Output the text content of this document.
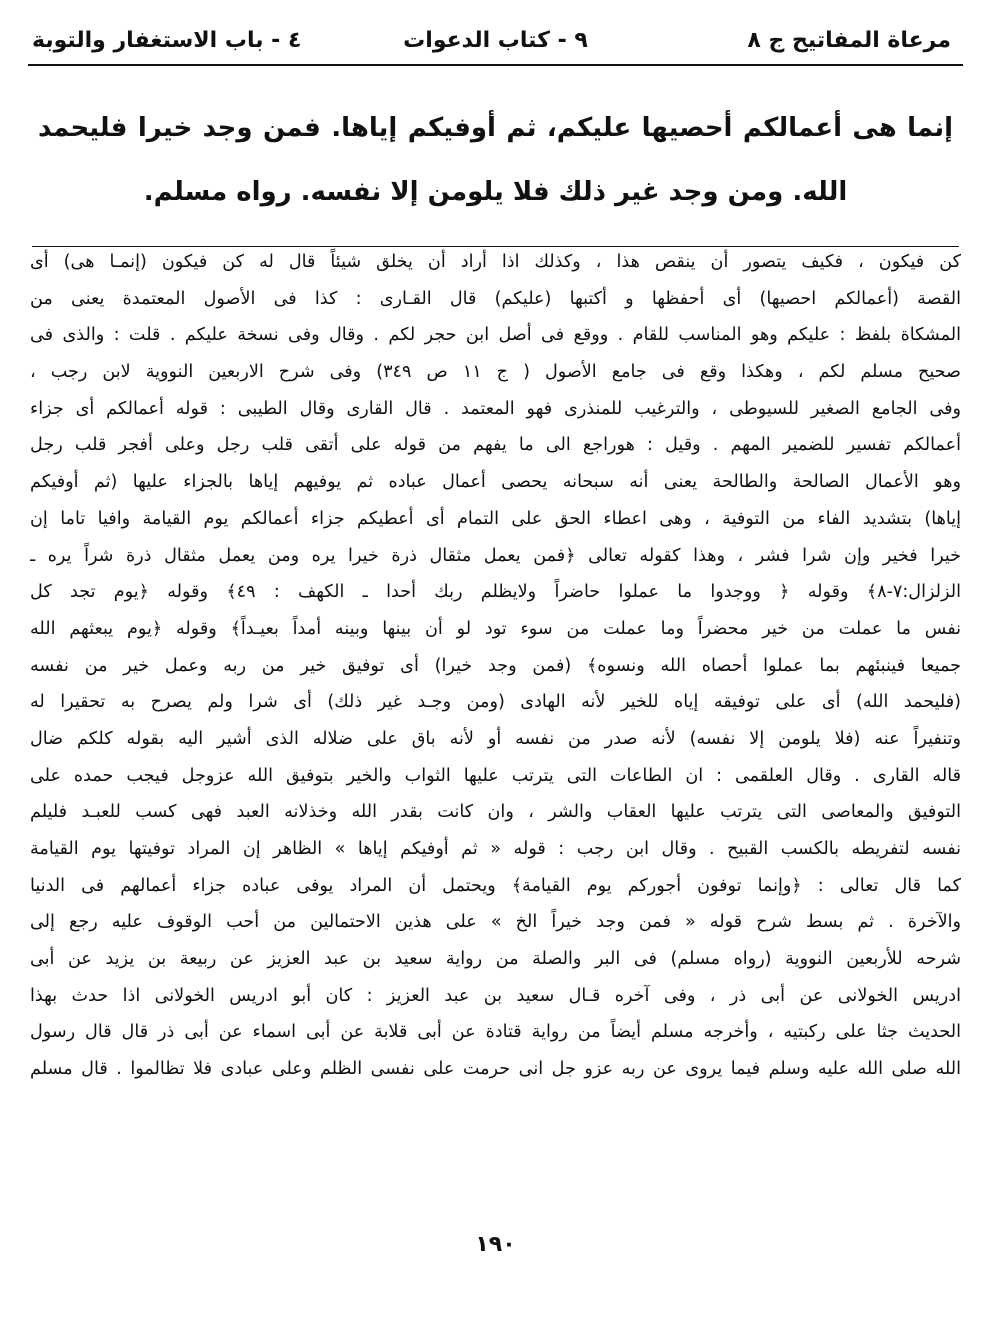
مرعاة المفاتيح ج ٨
٩ - كتاب الدعوات
٤ - باب الاستغفار والتوبة
إنما هى أعمالكم أحصيها عليكم، ثم أوفيكم إياها. فمن وجد خيرا فليحمد الله. ومن وجد غير ذلك فلا يلومن إلا نفسه. رواه مسلم.
كن فيكون ، فكيف يتصور أن ينقص هذا ، وكذلك اذا أراد أن يخلق شيئاً قال له كن فيكون (إنمـا هى) أى
القصة (أعمالكم احصيها) أى أحفظها و أكتبها (عليكم) قال القـارى : كذا فى الأصول المعتمدة يعنى من
المشكاة بلفظ : عليكم وهو المناسب للقام . ووقع فى أصل ابن حجر لكم . وقال وفى نسخة عليكم . قلت : والذى فى
صحيح مسلم لكم ، وهكذا وقع فى جامع الأصول ( ج ١١ ص ٣٤٩) وفى شرح الاربعين النووية لابن رجب ،
وفى الجامع الصغير للسيوطى ، والترغيب للمنذرى فهو المعتمد . قال القارى وقال الطيبى : قوله أعمالكم أى جزاء
أعمالكم تفسير للضمير المهم . وقيل : هوراجع الى ما يفهم من قوله على أتقى قلب رجل وعلى أفجر قلب رجل
وهو الأعمال الصالحة والطالحة يعنى أنه سبحانه يحصى أعمال عباده ثم يوفيهم إياها بالجزاء عليها (ثم أوفيكم
إياها) بتشديد الفاء من التوفية ، وهى اعطاء الحق على التمام أى أعطيكم جزاء أعمالكم يوم القيامة وافيا تاما إن
خيرا فخير وإن شرا فشر ، وهذا كقوله تعالى ﴿فمن يعمل مثقال ذرة خيرا يره ومن يعمل مثقال ذرة شراً يره ـ
الزلزال:٧-٨﴾ وقوله ﴿ ووجدوا ما عملوا حاضراً ولايظلم ربك أحدا ـ الكهف : ٤٩﴾ وقوله ﴿يوم تجد كل
نفس ما عملت من خير محضراً وما عملت من سوء تود لو أن بينها وبينه أمداً بعيـداً﴾ وقوله ﴿يوم يبعثهم الله
جميعا فينبئهم بما عملوا أحصاه الله ونسوه﴾ (فمن وجد خيرا) أى توفيق خير من ربه وعمل خير من نفسه
(فليحمد الله) أى على توفيقه إياه للخير لأنه الهادى (ومن وجـد غير ذلك) أى شرا ولم يصرح به تحقيرا له
وتنفيراً عنه (فلا يلومن إلا نفسه) لأنه صدر من نفسه أو لأنه باق على ضلاله الذى أشير اليه بقوله كلكم ضال
قاله القارى . وقال العلقمى : ان الطاعات التى يترتب عليها الثواب والخير بتوفيق الله عزوجل فيجب حمده على
التوفيق والمعاصى التى يترتب عليها العقاب والشر ، وان كانت بقدر الله وخذلانه العبد فهى كسب للعبـد فليلم
نفسه لتفريطه بالكسب القبيح . وقال ابن رجب : قوله « ثم أوفيكم إياها » الظاهر إن المراد توفيتها يوم القيامة
كما قال تعالى : ﴿وإنما توفون أجوركم يوم القيامة﴾ ويحتمل أن المراد يوفى عباده جزاء أعمالهم فى الدنيا
والآخرة . ثم بسط شرح قوله « فمن وجد خيراً الخ » على هذين الاحتمالين من أحب الوقوف عليه رجع إلى
شرحه للأربعين النووية (رواه مسلم) فى البر والصلة من رواية سعيد بن عبد العزيز عن ربيعة بن يزيد عن أبى
ادريس الخولانى عن أبى ذر ، وفى آخره قـال سعيد بن عبد العزيز : كان أبو ادريس الخولانى اذا حدث بهذا
الحديث جثا على ركبتيه ، وأخرجه مسلم أيضاً من رواية قتادة عن أبى قلابة عن أبى اسماء عن أبى ذر قال قال رسول
الله صلى الله عليه وسلم فيما يروى عن ربه عزو جل انى حرمت على نفسى الظلم وعلى عبادى فلا تظالموا . قال مسلم
١٩٠
